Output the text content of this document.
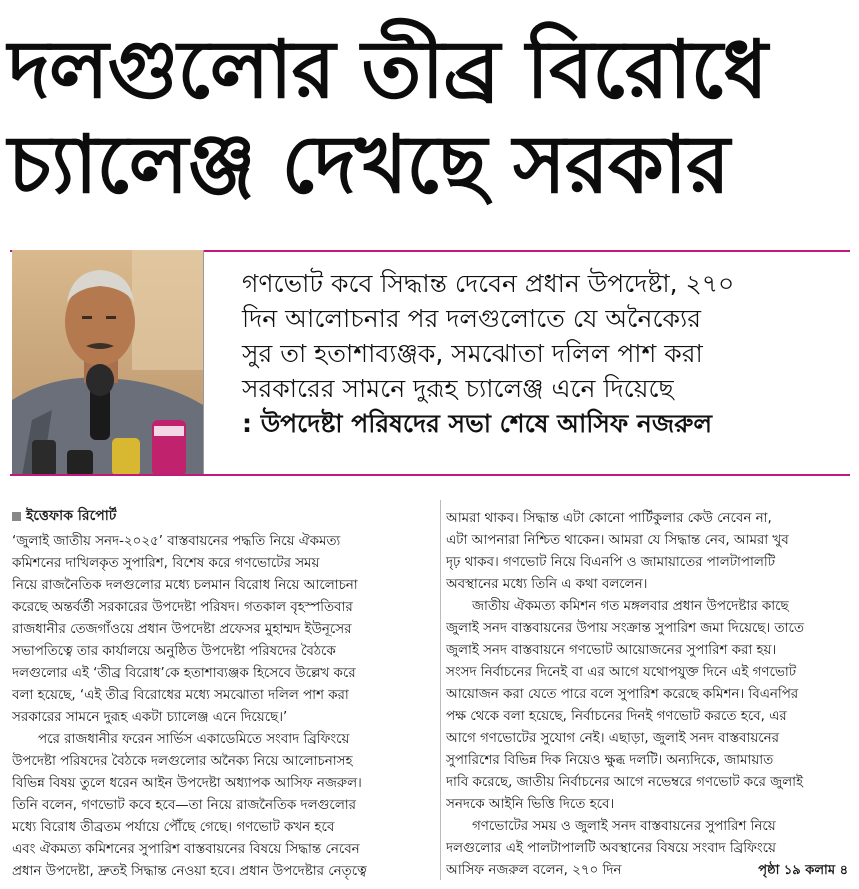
দলগুলোর তীব্র বিরোধে
চ্যালেঞ্জ দেখছে সরকার
গণভোট কবে সিদ্ধান্ত দেবেন প্রধান উপদেষ্টা, ২৭০
দিন আলোচনার পর দলগুলোতে যে অনৈক্যের
সুর তা হতাশাব্যঞ্জক, সমঝোতা দলিল পাশ করা
সরকারের সামনে দুরূহ চ্যালেঞ্জ এনে দিয়েছে
: উপদেষ্টা পরিষদের সভা শেষে আসিফ নজরুল
ইত্তেফাক রিপোর্ট
‘জুলাই জাতীয় সনদ-২০২৫’ বাস্তবায়নের পদ্ধতি নিয়ে ঐকমত্য
কমিশনের দাখিলকৃত সুপারিশ, বিশেষ করে গণভোটের সময়
নিয়ে রাজনৈতিক দলগুলোর মধ্যে চলমান বিরোধ নিয়ে আলোচনা
করেছে অন্তর্বর্তী সরকারের উপদেষ্টা পরিষদ। গতকাল বৃহস্পতিবার
রাজধানীর তেজগাঁওয়ে প্রধান উপদেষ্টা প্রফেসর মুহাম্মদ ইউনূসের
সভাপতিত্বে তার কার্যালয়ে অনুষ্ঠিত উপদেষ্টা পরিষদের বৈঠকে
দলগুলোর এই ‘তীব্র বিরোধ’কে হতাশাব্যঞ্জক হিসেবে উল্লেখ করে
বলা হয়েছে, ‘এই তীব্র বিরোধের মধ্যে সমঝোতা দলিল পাশ করা
সরকারের সামনে দুরূহ একটা চ্যালেঞ্জ এনে দিয়েছে।’
পরে রাজধানীর ফরেন সার্ভিস একাডেমিতে সংবাদ ব্রিফিংয়ে
উপদেষ্টা পরিষদের বৈঠকে দলগুলোর অনৈক্য নিয়ে আলোচনাসহ
বিভিন্ন বিষয় তুলে ধরেন আইন উপদেষ্টা অধ্যাপক আসিফ নজরুল।
তিনি বলেন, গণভোট কবে হবে—তা নিয়ে রাজনৈতিক দলগুলোর
মধ্যে বিরোধ তীব্রতম পর্যায়ে পৌঁছে গেছে। গণভোট কখন হবে
এবং ঐকমত্য কমিশনের সুপারিশ বাস্তবায়নের বিষয়ে সিদ্ধান্ত নেবেন
প্রধান উপদেষ্টা, দ্রুতই সিদ্ধান্ত নেওয়া হবে। প্রধান উপদেষ্টার নেতৃত্বে
আমরা থাকব। সিদ্ধান্ত এটা কোনো পার্টিকুলার কেউ নেবেন না,
এটা আপনারা নিশ্চিত থাকেন। আমরা যে সিদ্ধান্ত নেব, আমরা খুব
দৃঢ় থাকব। গণভোট নিয়ে বিএনপি ও জামায়াতের পালটাপালটি
অবস্থানের মধ্যে তিনি এ কথা বললেন।
জাতীয় ঐকমত্য কমিশন গত মঙ্গলবার প্রধান উপদেষ্টার কাছে
জুলাই সনদ বাস্তবায়নের উপায় সংক্রান্ত সুপারিশ জমা দিয়েছে। তাতে
জুলাই সনদ বাস্তবায়নে গণভোট আয়োজনের সুপারিশ করা হয়।
সংসদ নির্বাচনের দিনেই বা এর আগে যথোপযুক্ত দিনে এই গণভোট
আয়োজন করা যেতে পারে বলে সুপারিশ করেছে কমিশন। বিএনপির
পক্ষ থেকে বলা হয়েছে, নির্বাচনের দিনই গণভোট করতে হবে, এর
আগে গণভোটের সুযোগ নেই। এছাড়া, জুলাই সনদ বাস্তবায়নের
সুপারিশের বিভিন্ন দিক নিয়েও ক্ষুব্ধ দলটি। অন্যদিকে, জামায়াত
দাবি করেছে, জাতীয় নির্বাচনের আগে নভেম্বরে গণভোট করে জুলাই
সনদকে আইনি ভিত্তি দিতে হবে।
গণভোটের সময় ও জুলাই সনদ বাস্তবায়নের সুপারিশ নিয়ে
দলগুলোর এই পালটাপালটি অবস্থানের বিষয়ে সংবাদ ব্রিফিংয়ে
আসিফ নজরুল বলেন, ২৭০ দিন	পৃষ্ঠা ১৯ কলাম ৪
